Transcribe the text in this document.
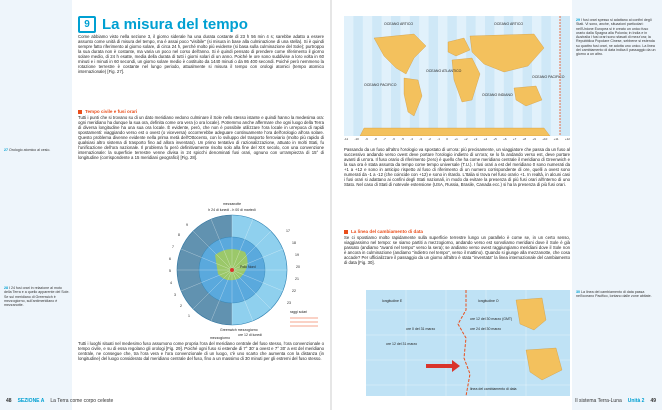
9 La misura del tempo
Come abbiamo visto nella sezione 3, il giorno siderale ha una durata costante di 23 h 56 min 4 s; sarebbe adatto a essere assunto come unità di misura del tempo, ma è assai poco "visibile" (si misura in base alla culminazione di una stella). Si è quindi sempre fatto riferimento al giorno solare, di circa 24 h, perché molto più evidente (si basa sulla culminazione del Sole); purtroppo la sua durata non è costante, ma varia un poco nel corso dell'anno. Si è quindi pensato di prendere come riferimento il giorno solare medio, di 24 h esatte, media della durata di tutti i giorni solari di un anno. Poiché le ore sono suddivise a loro volta in 60 minuti e i minuti in 60 secondi, un giorno solare medio è costituito da 1440 minuti o da 86 400 secondi. Poiché però nemmeno la rotazione terrestre è costante nel lungo periodo, attualmente si misura il tempo con orologi atomici (tempo atomico internazionale) [Fig. 27].
Tempo civile e fusi orari
Tutti i punti che si trovano su di un dato meridiano vedono culminare il Sole nello stesso istante e quindi hanno la medesima ora: ogni meridiano ha dunque la sua ora, definita come ora vera (o ora locale). Potremmo anche affermare che ogni luogo della Terra di diversa longitudine ha una sua ora locale. È evidente, però, che non è possibile utilizzare l'ora locale in un'epoca di rapidi spostamenti: viaggiando verso est o ovest (o viceversa) occorrerebbe adeguare continuamente l'ora dell'orologio all'ora solare. Questo problema divenne evidente nella prima metà dell'Ottocento, con lo sviluppo del trasporto ferroviario (molto più rapido di qualsiasi altro sistema di trasporto fino ad allora inventato). Un primo tentativo di razionalizzazione, attuato in molti Stati, fu l'unificazione dell'ora nazionale. Il problema fu però definitivamente risolto solo alla fine del XIX secolo, con una convenzione internazionale: la superficie terrestre venne divisa in 24 spicchi denominati fusi orari, ognuno con un'ampiezza di 15° di longitudine (corrispondente a 15 meridiani geografici) [Fig. 28].
27 Orologio atomico al cesio.
mezzanotte
h 24 di lunedì - h 00 di martedì
9
8
7
6
5
4
3
2
1
17
18
19
20
21
22
23
raggi solari
Polo Nord
Greenwich mezzogiorno
ore 12 di lunedì
mezzogiorno
28 I 24 fusi orari in relazione al moto della Terra e a quello apparente del Sole. Se sul meridiano di Greenwich è mezzogiorno, sull'antimeridiano è mezzanotte.
Tutti i luoghi situati nel medesimo fuso assumono come propria l'ora del meridiano centrale del fuso stesso, l'ora convenzionale o tempo civile, e su di essa regolano gli orologi [Fig. 29]. Poiché ogni fuso si estende di 7° 30' a ovest e 7° 30' a est del meridiano centrale, ne consegue che, tra l'ora vera e l'ora convenzionale di un luogo, c'è uno scarto che aumenta con la distanza (in longitudine) del luogo considerato dal meridiano centrale del fuso, fino a un massimo di 30 minuti per gli estremi del fuso stesso.
48 SEZIONE A La Terra come corpo celeste
OCEANO ARTICO	OCEANO ARTICO
OCEANO ATLANTICO
OCEANO PACIFICO
OCEANO PACIFICO
OCEANO INDIANO
-11 -10 -9 -8 -7 -6 -5 -4 -3 -2 -1 0 +1 +2 +3 +4 +5 +6 +7 +8 +9 +10 +11 +12
29 I fusi orari spesso si adattano ai confini degli Stati. Vi sono, anche, situazioni particolari: nell'Unione Europea si è creato un unico fuso orario dalla Spagna alla Polonia; in India e in Australia i fusi orari sono sfasati di mezz'ora; la Repubblica Popolare Cinese, sebbene si estenda su quattro fusi orari, ne adotta uno unico. La linea del cambiamento di data indica il passaggio da un giorno a un altro.
Passando da un fuso all'altro l'orologio va spostato di un'ora: più precisamente, un viaggiatore che passa da un fuso al successivo andando verso ovest deve portare l'orologio indietro di un'ora; se lo fa andando verso est, deve portare avanti di un'ora. Il fuso orario di riferimento (zero) è quello che ha come meridiano centrale il meridiano di Greenwich e la sua ora è stata assunta da tempo come tempo universale (T.U.). I fusi orari a est del meridiano 0 sono numerati da +1 a +12 e sono in anticipo rispetto al fuso di riferimento di un numero corrispondente di ore, quelli a ovest sono numerati da -1 a -12 (che coincide con +12) e sono in ritardo. L'Italia si trova nel fuso orario +1. In realtà, in alcuni casi i fusi orari si adattano ai confini degli Stati nazionali, in modo da evitare la presenza di più fusi orari all'interno di uno Stato. Nel caso di Stati di notevole estensione (USA, Russia, Brasile, Canada ecc.) si ha la presenza di più fusi orari.
La linea del cambiamento di data
Se ci spostiamo molto rapidamente sulla superficie terrestre lungo un parallelo è come se, in un certo senso, viaggiassimo nel tempo: se siamo partiti a mezzogiorno, andando verso est sorvoliamo meridiani dove il Sole è già passato (andiamo "avanti nel tempo" verso la sera); se andiamo verso ovest raggiungiamo meridiani dove il Sole non è ancora in culminazione (andiamo "indietro nel tempo", verso il mattino). Quando si giunge alla mezzanotte, che cosa accade? Per ufficializzare il passaggio da un giorno all'altro è stata "inventata" la linea internazionale del cambiamento di data [Fig. 30].
longitudine E	longitudine O
ore 12 del 30 marzo (GMT)
ore 24 del 30 marzo
ore 0 del 31 marzo
ore 12 del 31 marzo
linea del cambiamento di data
30 La linea del cambiamento di data passa nell'oceano Pacifico, lontano dalle zone abitate.
Il sistema Terra-Luna Unità 2 49
